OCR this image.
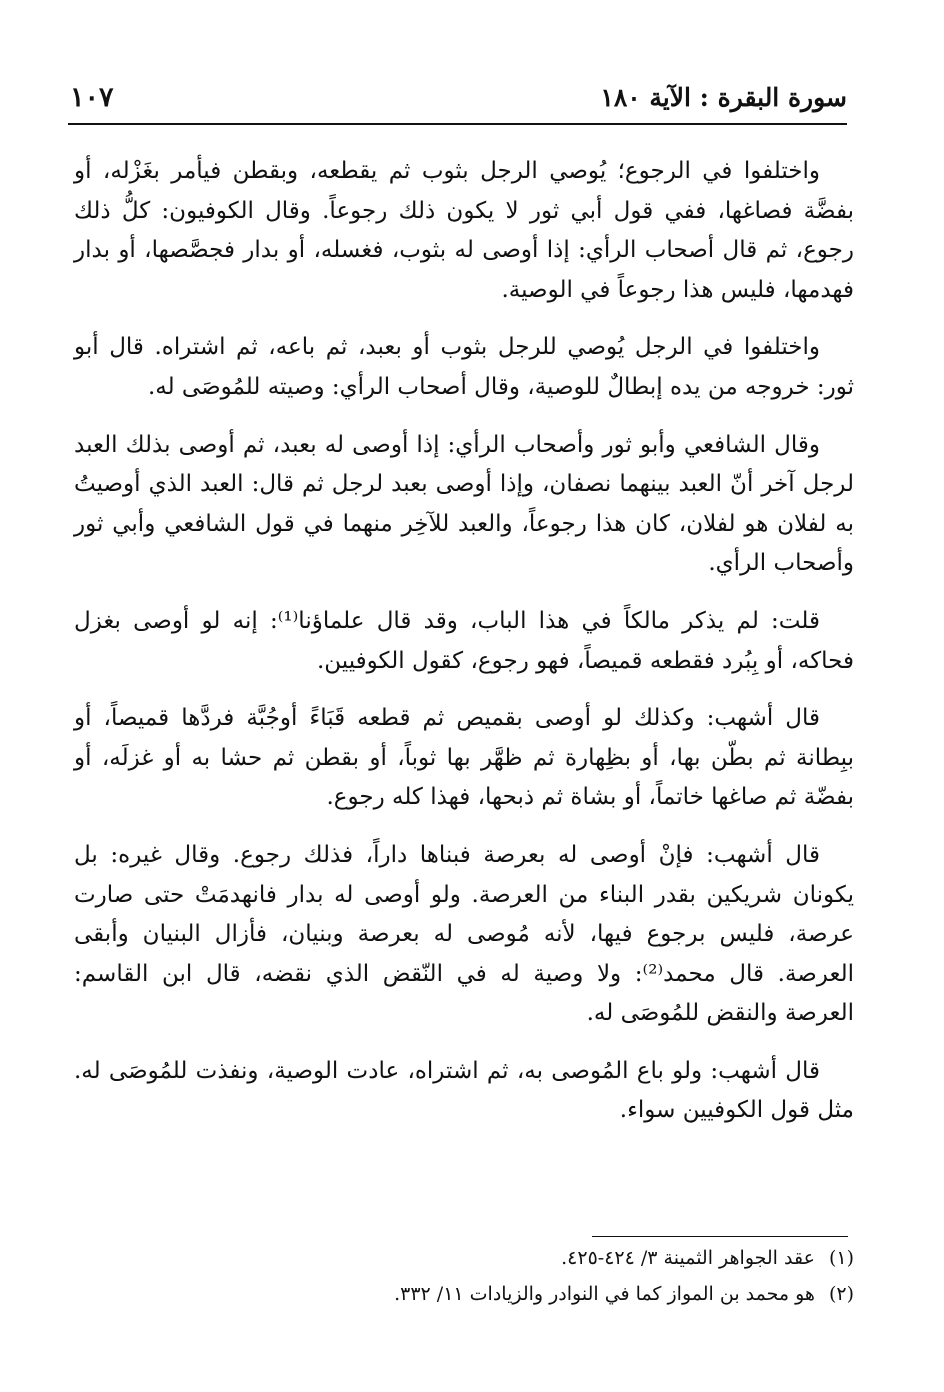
سورة البقرة : الآية ١٨٠
١٠٧

واختلفوا في الرجوع؛ يُوصي الرجل بثوب ثم يقطعه، وبقطن فيأمر بغَزْله، أو بفضَّة فصاغها، ففي قول أبي ثور لا يكون ذلك رجوعاً. وقال الكوفيون: كلُّ ذلك رجوع، ثم قال أصحاب الرأي: إذا أوصى له بثوب، فغسله، أو بدار فجصَّصها، أو بدار فهدمها، فليس هذا رجوعاً في الوصية.

واختلفوا في الرجل يُوصي للرجل بثوب أو بعبد، ثم باعه، ثم اشتراه. قال أبو ثور: خروجه من يده إبطالٌ للوصية، وقال أصحاب الرأي: وصيته للمُوصَى له.

وقال الشافعي وأبو ثور وأصحاب الرأي: إذا أوصى له بعبد، ثم أوصى بذلك العبد لرجل آخر أنّ العبد بينهما نصفان، وإذا أوصى بعبد لرجل ثم قال: العبد الذي أوصيتُ به لفلان هو لفلان، كان هذا رجوعاً، والعبد للآخِر منهما في قول الشافعي وأبي ثور وأصحاب الرأي.

قلت: لم يذكر مالكاً في هذا الباب، وقد قال علماؤنا⁽¹⁾: إنه لو أوصى بغزل فحاكه، أو بِبُرد فقطعه قميصاً، فهو رجوع، كقول الكوفيين.

قال أشهب: وكذلك لو أوصى بقميص ثم قطعه قَبَاءً أوجُبَّة فردَّها قميصاً، أو ببِطانة ثم بطّن بها، أو بظِهارة ثم ظهَّر بها ثوباً، أو بقطن ثم حشا به أو غزلَه، أو بفضّة ثم صاغها خاتماً، أو بشاة ثم ذبحها، فهذا كله رجوع.

قال أشهب: فإنْ أوصى له بعرصة فبناها داراً، فذلك رجوع. وقال غيره: بل يكونان شريكين بقدر البناء من العرصة. ولو أوصى له بدار فانهدمَتْ حتى صارت عرصة، فليس برجوع فيها، لأنه مُوصى له بعرصة وبنيان، فأزال البنيان وأبقى العرصة. قال محمد⁽²⁾: ولا وصية له في النّقض الذي نقضه، قال ابن القاسم: العرصة والنقض للمُوصَى له.

قال أشهب: ولو باع المُوصى به، ثم اشتراه، عادت الوصية، ونفذت للمُوصَى له. مثل قول الكوفيين سواء.

(١)عقد الجواهر الثمينة ٣/ ٤٢٤-٤٢٥.
(٢)هو محمد بن المواز كما في النوادر والزيادات ١١/ ٣٣٢.
